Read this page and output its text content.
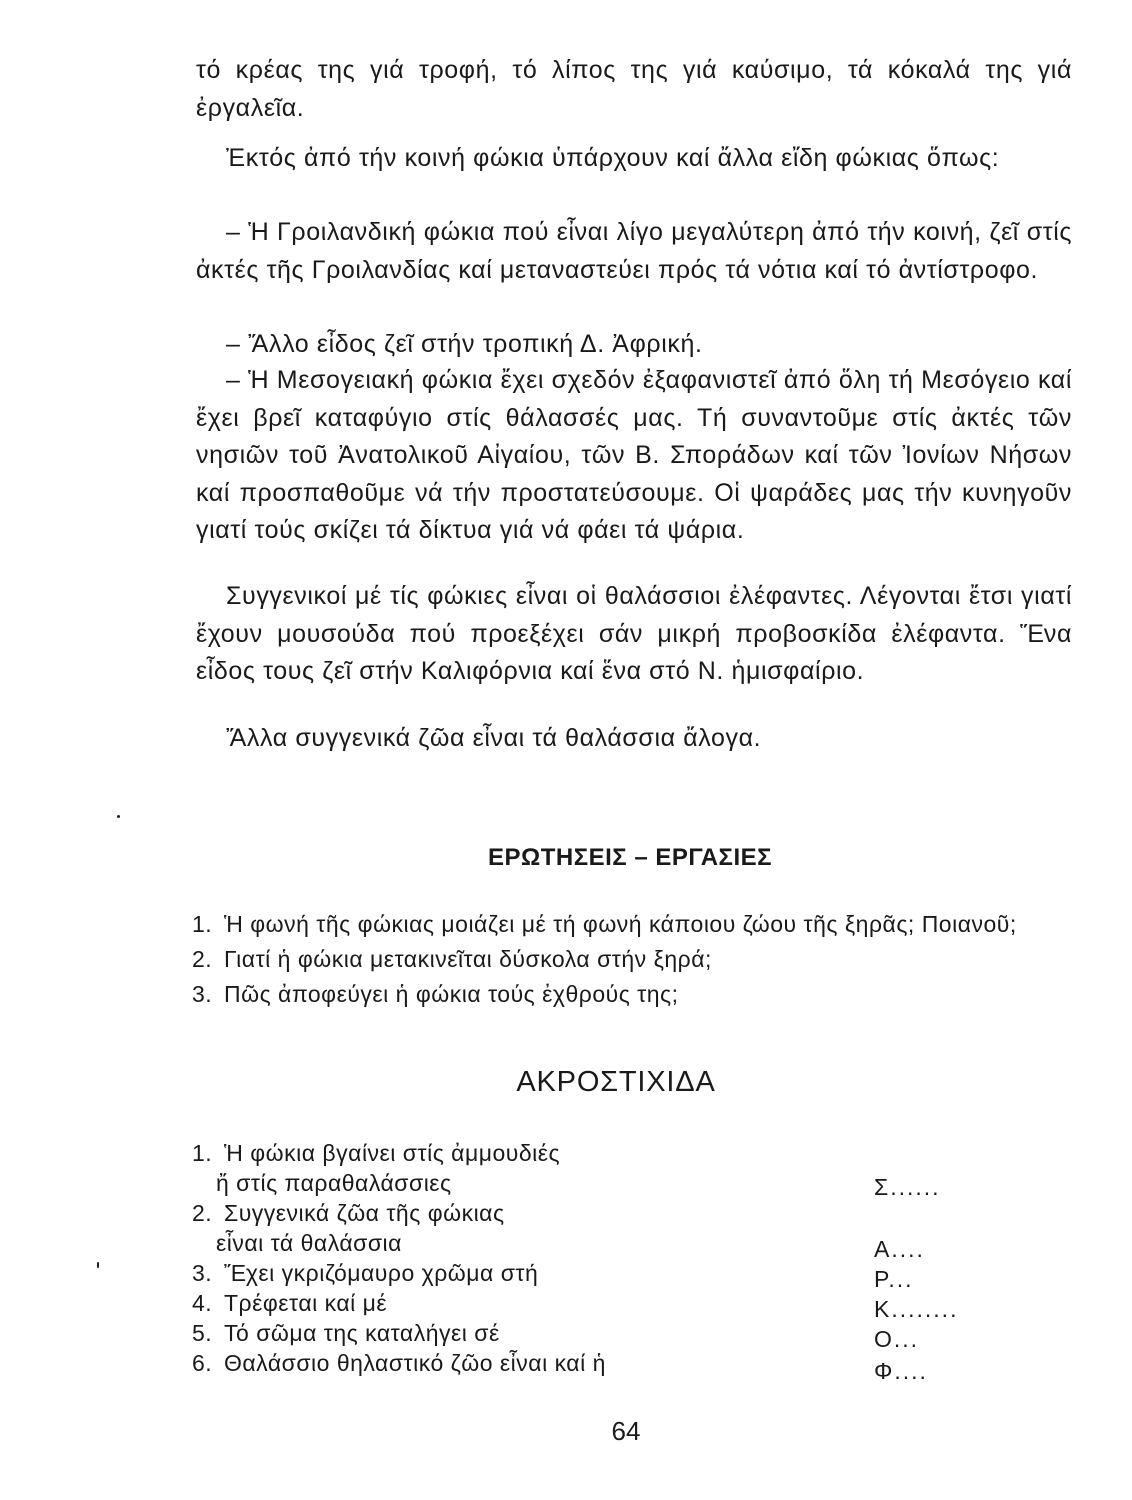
τό κρέας της γιά τροφή, τό λίπος της γιά καύσιμο, τά κόκαλά της γιά ἐργαλεῖα.

Ἐκτός ἀπό τήν κοινή φώκια ὑπάρχουν καί ἄλλα εἴδη φώκιας ὅπως:

– Ἡ Γροιλανδική φώκια πού εἶναι λίγο μεγαλύτερη ἀπό τήν κοινή, ζεῖ στίς ἀκτές τῆς Γροιλανδίας καί μεταναστεύει πρός τά νότια καί τό ἀντίστροφο.

– Ἄλλο εἶδος ζεῖ στήν τροπική Δ. Ἀφρική.

– Ἡ Μεσογειακή φώκια ἔχει σχεδόν ἐξαφανιστεῖ ἀπό ὅλη τή Μεσόγειο καί ἔχει βρεῖ καταφύγιο στίς θάλασσές μας. Τή συναντοῦμε στίς ἀκτές τῶν νησιῶν τοῦ Ἀνατολικοῦ Αἰγαίου, τῶν Β. Σποράδων καί τῶν Ἰονίων Νήσων καί προσπαθοῦμε νά τήν προστατεύσουμε. Οἱ ψαράδες μας τήν κυνηγοῦν γιατί τούς σκίζει τά δίκτυα γιά νά φάει τά ψάρια.

Συγγενικοί μέ τίς φώκιες εἶναι οἱ θαλάσσιοι ἐλέφαντες. Λέγονται ἔτσι γιατί ἔχουν μουσούδα πού προεξέχει σάν μικρή προβοσκίδα ἐλέφαντα. Ἕνα εἶδος τους ζεῖ στήν Καλιφόρνια καί ἕνα στό Ν. ἡμισφαίριο.

Ἄλλα συγγενικά ζῶα εἶναι τά θαλάσσια ἄλογα.

ΕΡΩΤΗΣΕΙΣ – ΕΡΓΑΣΙΕΣ
1. Ἡ φωνή τῆς φώκιας μοιάζει μέ τή φωνή κάποιου ζώου τῆς ξηρᾶς; Ποιανοῦ;
2. Γιατί ἡ φώκια μετακινεῖται δύσκολα στήν ξηρά;
3. Πῶς ἀποφεύγει ἡ φώκια τούς ἐχθρούς της;
ΑΚΡΟΣΤΙΧΙΔΑ
1. Ἡ φώκια βγαίνει στίς ἀμμουδιές
ἤ στίς παραθαλάσσιες	Σ......
2. Συγγενικά ζῶα τῆς φώκιας
εἶναι τά θαλάσσια	Α....
3. Ἔχει γκριζόμαυρο χρῶμα στή	Ρ...
4. Τρέφεται καί μέ	Κ........
5. Τό σῶμα της καταλήγει σέ	Ο...
6. Θαλάσσιο θηλαστικό ζῶο εἶναι καί ἡ	Φ....
64
